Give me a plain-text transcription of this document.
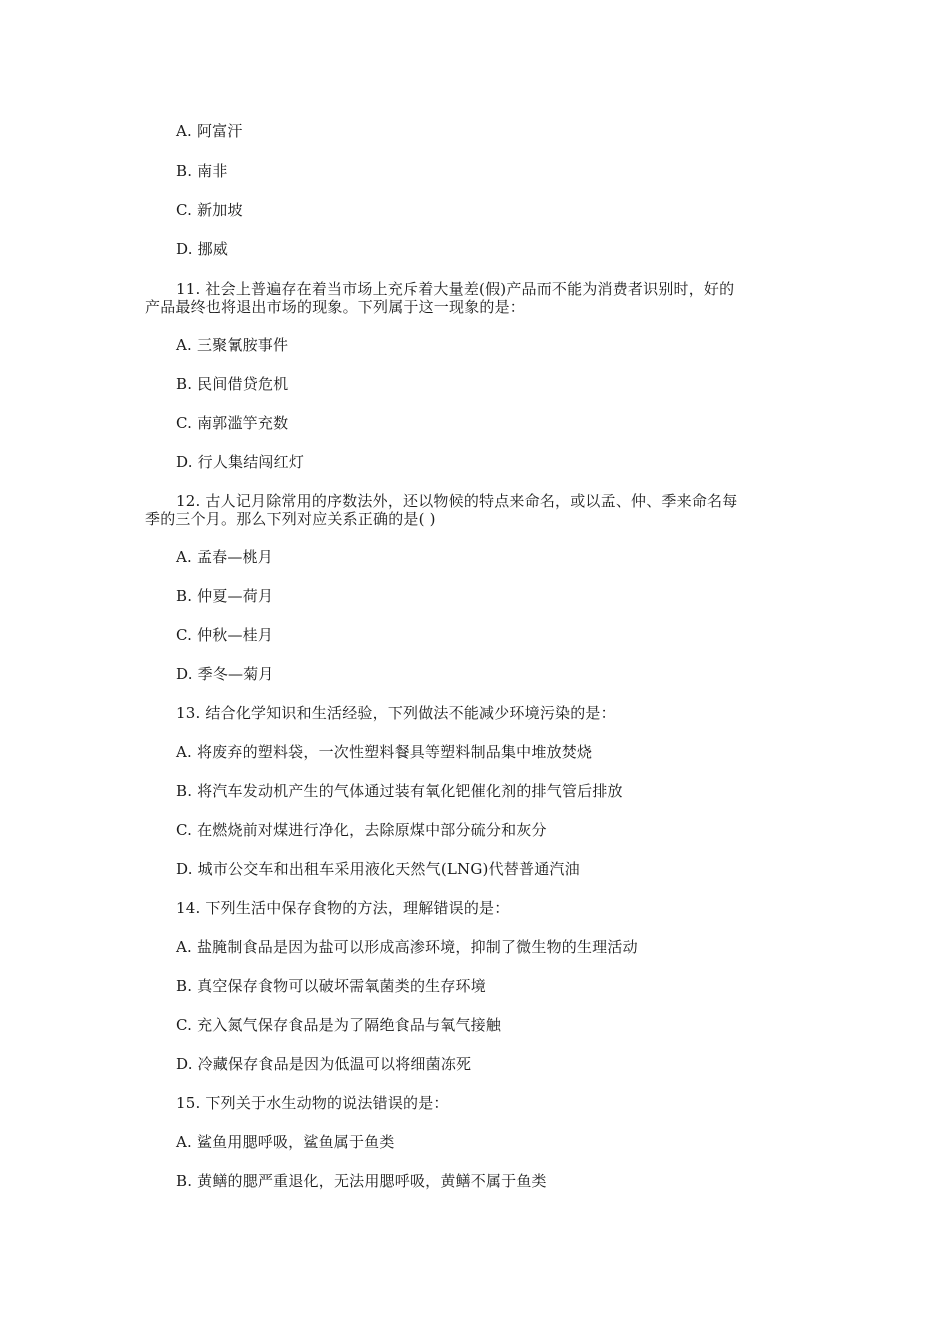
A. 阿富汗
B. 南非
C. 新加坡
D. 挪威
11. 社会上普遍存在着当市场上充斥着大量差(假)产品而不能为消费者识别时，好的
产品最终也将退出市场的现象。下列属于这一现象的是：
A. 三聚氰胺事件
B. 民间借贷危机
C. 南郭滥竽充数
D. 行人集结闯红灯
12. 古人记月除常用的序数法外，还以物候的特点来命名，或以孟、仲、季来命名每
季的三个月。那么下列对应关系正确的是( )
A. 孟春—桃月
B. 仲夏—荷月
C. 仲秋—桂月
D. 季冬—菊月
13. 结合化学知识和生活经验，下列做法不能减少环境污染的是：
A. 将废弃的塑料袋，一次性塑料餐具等塑料制品集中堆放焚烧
B. 将汽车发动机产生的气体通过装有氧化钯催化剂的排气管后排放
C. 在燃烧前对煤进行净化，去除原煤中部分硫分和灰分
D. 城市公交车和出租车采用液化天然气(LNG)代替普通汽油
14. 下列生活中保存食物的方法，理解错误的是：
A. 盐腌制食品是因为盐可以形成高渗环境，抑制了微生物的生理活动
B. 真空保存食物可以破坏需氧菌类的生存环境
C. 充入氮气保存食品是为了隔绝食品与氧气接触
D. 冷藏保存食品是因为低温可以将细菌冻死
15. 下列关于水生动物的说法错误的是：
A. 鲨鱼用腮呼吸，鲨鱼属于鱼类
B. 黄鳝的腮严重退化，无法用腮呼吸，黄鳝不属于鱼类
